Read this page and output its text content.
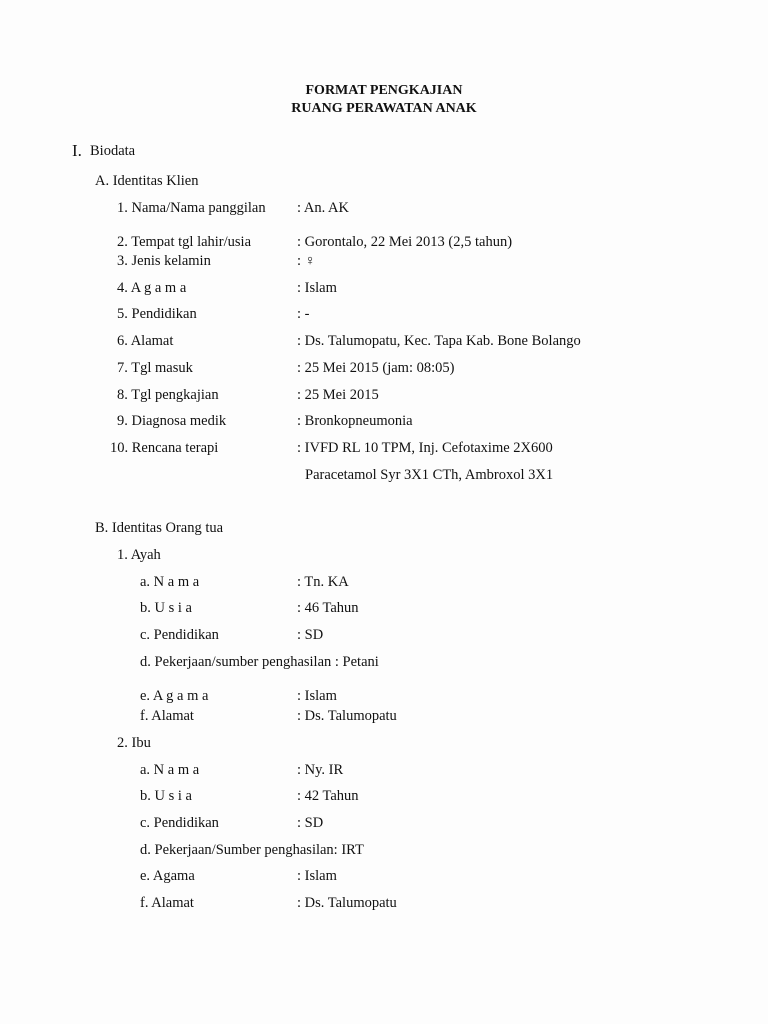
FORMAT PENGKAJIAN
RUANG PERAWATAN ANAK
I. Biodata
A. Identitas Klien
1. Nama/Nama panggilan : An. AK
2. Tempat tgl lahir/usia	: Gorontalo, 22 Mei 2013 (2,5 tahun)
3. Jenis kelamin	: ♀
4. A g a m a	: Islam
5. Pendidikan	: -
6. Alamat	: Ds. Talumopatu, Kec. Tapa Kab. Bone Bolango
7. Tgl masuk	: 25 Mei 2015 (jam: 08:05)
8. Tgl pengkajian	: 25 Mei 2015
9. Diagnosa medik	: Bronkopneumonia
10. Rencana terapi	: IVFD RL 10 TPM, Inj. Cefotaxime 2X600
Paracetamol Syr 3X1 CTh, Ambroxol 3X1
B. Identitas Orang tua
1. Ayah
a. N a m a	: Tn. KA
b. U s i a	: 46 Tahun
c. Pendidikan	: SD
d. Pekerjaan/sumber penghasilan : Petani
e. A g a m a	: Islam
f. Alamat	: Ds. Talumopatu
2. Ibu
a. N a m a	: Ny. IR
b. U s i a	: 42 Tahun
c. Pendidikan	: SD
d. Pekerjaan/Sumber penghasilan: IRT
e. Agama	: Islam
f. Alamat	: Ds. Talumopatu
